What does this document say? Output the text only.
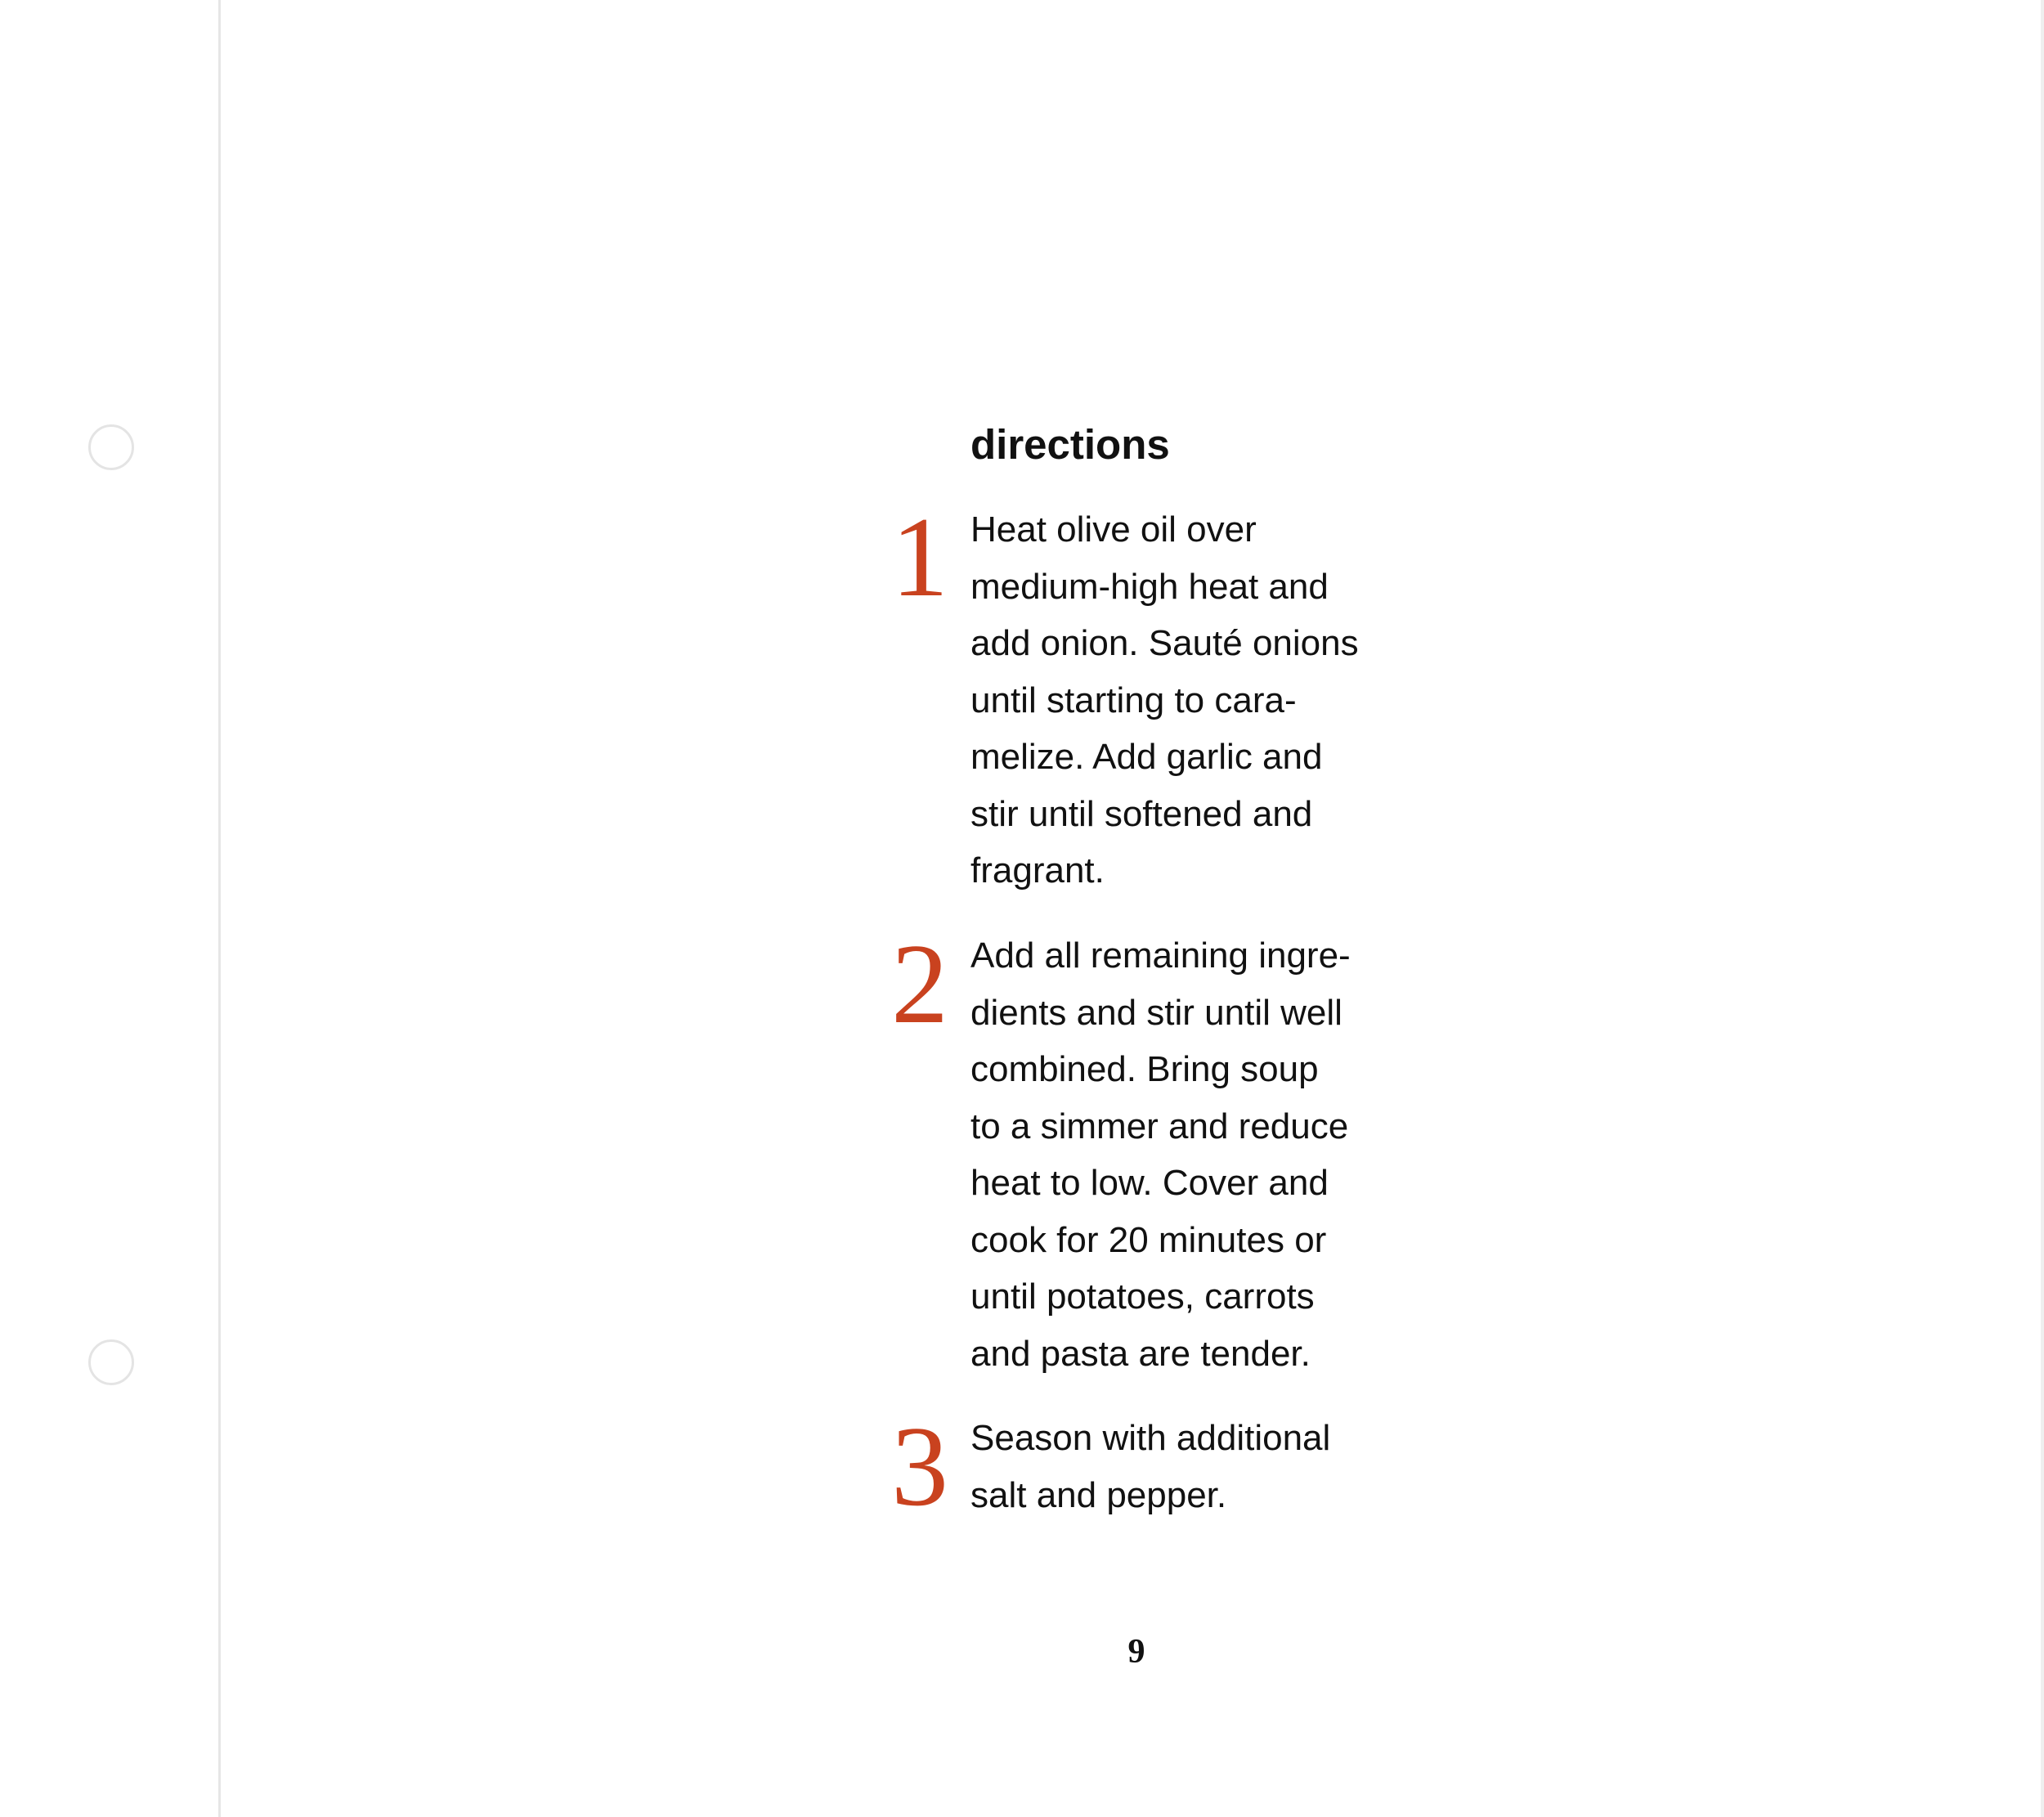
directions
1 Heat olive oil over
medium-high heat and
add onion. Sauté onions
until starting to cara-
melize. Add garlic and
stir until softened and
fragrant.

2 Add all remaining ingre-
dients and stir until well
combined. Bring soup
to a simmer and reduce
heat to low. Cover and
cook for 20 minutes or
until potatoes, carrots
and pasta are tender.

3 Season with additional
salt and pepper.

9
